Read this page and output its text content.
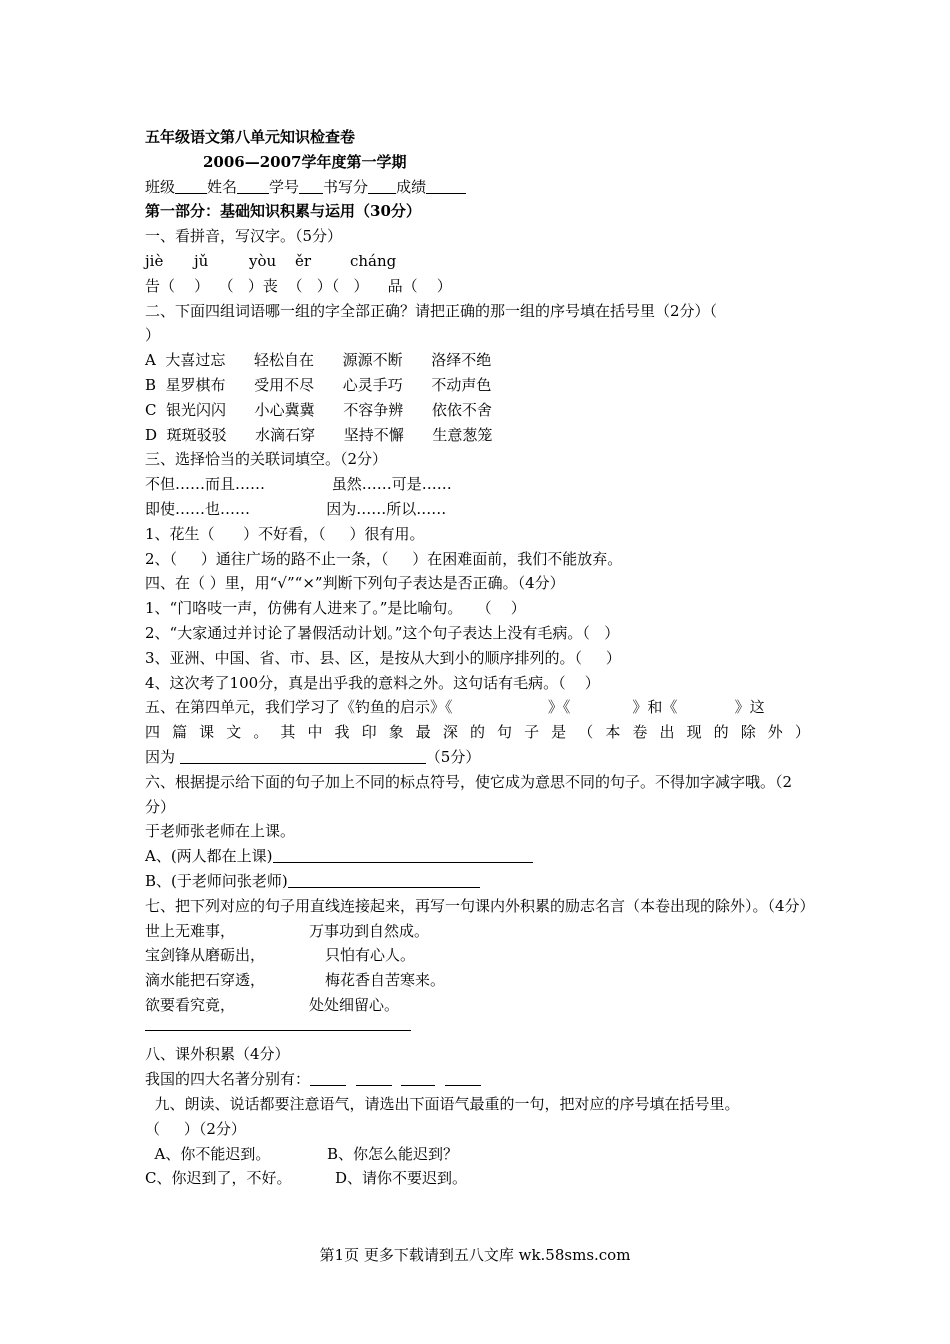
五年级语文第八单元知识检查卷
2006—2007学年度第一学期
班级 姓名 学号 书写分 成绩
第一部分：基础知识积累与运用（30分）
一、看拼音，写汉字。（5分）
jiè jǔ	yòu ěr	cháng
告（    ）  （   ）丧  （   ）（   ）    品（    ）
二、下面四组词语哪一组的字全部正确？请把正确的那一组的序号填在括号里（2分）（
）
A  大喜过忘      轻松自在      源源不断      洛绎不绝
B  星罗棋布      受用不尽      心灵手巧      不动声色
C  银光闪闪      小心冀冀      不容争辨      依依不舍
D  斑斑驳驳      水滴石穿      坚持不懈      生意葱笼
三、选择恰当的关联词填空。（2分）
不但……而且……              虽然……可是……
即使……也……                因为……所以……
1、花生（      ）不好看，（     ）很有用。
2、（     ）通往广场的路不止一条，（     ）在困难面前，我们不能放弃。
四、在（ ）里，用“√”“×”判断下列句子表达是否正确。（4分）
1、“门咯吱一声，仿佛有人进来了。”是比喻句。   （    ）
2、“大家通过并讨论了暑假活动计划。”这个句子表达上没有毛病。（   ）
3、亚洲、中国、省、市、县、区，是按从大到小的顺序排列的。（     ）
4、这次考了100分，真是出乎我的意料之外。这句话有毛病。（    ）
五、在第四单元，我们学习了《钓鱼的启示》《                    》《             》和《            》这
四 篇 课 文 。 其 中 我 印 象 最 深 的 句 子 是 （ 本 卷 出 现 的 除 外 ）
因为	（5分）
六、根据提示给下面的句子加上不同的标点符号，使它成为意思不同的句子。不得加字减字哦。（2分）
于老师张老师在上课。
A、(两人都在上课)
B、(于老师问张老师)
七、把下列对应的句子用直线连接起来，再写一句课内外积累的励志名言（本卷出现的除外）。（4分）
世上无难事，	万事功到自然成。
宝剑锋从磨砺出，	只怕有心人。
滴水能把石穿透，	梅花香自苦寒来。
欲要看究竟，	处处细留心。
八、课外积累（4分）
我国的四大名著分别有：
九、朗读、说话都要注意语气，请选出下面语气最重的一句，把对应的序号填在括号里。
（     ）（2分）
A、你不能迟到。	B、你怎么能迟到？
C、你迟到了，不好。	D、请你不要迟到。
第1页 更多下载请到五八文库 wk.58sms.com
